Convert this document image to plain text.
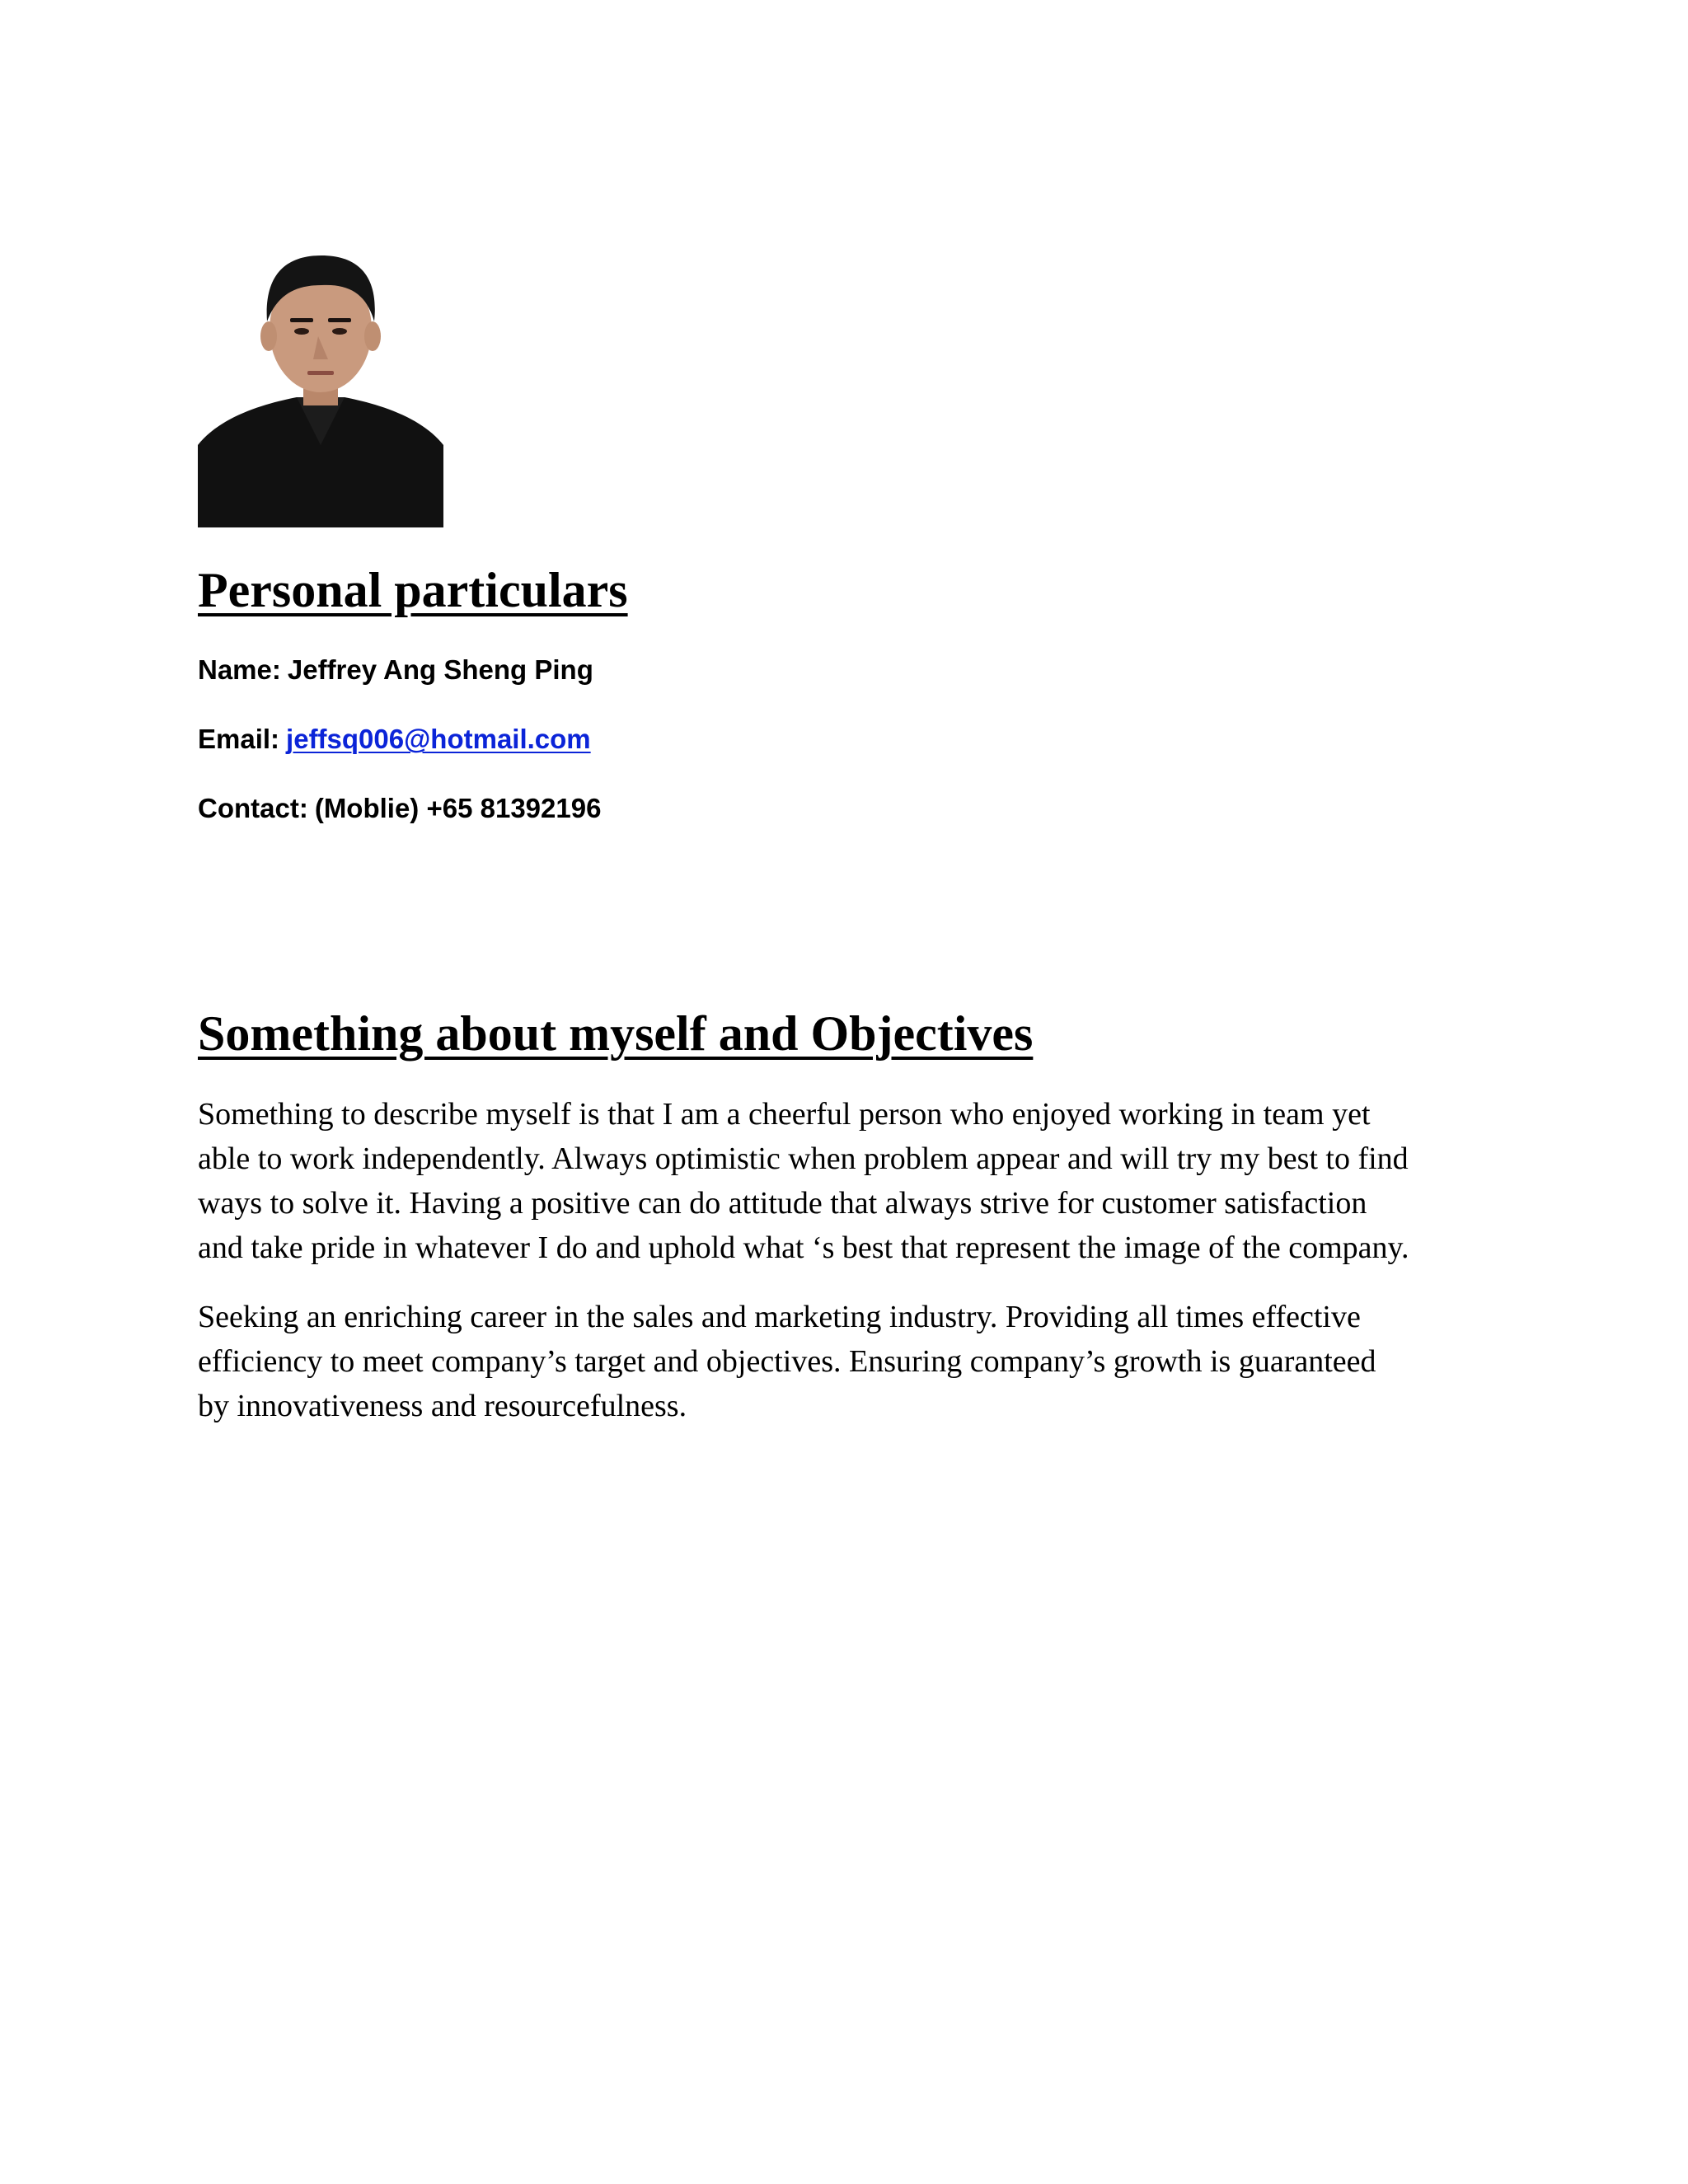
Personal particulars
Name: Jeffrey Ang Sheng Ping
Email: jeffsq006@hotmail.com
Contact: (Moblie) +65 81392196
Something about myself and Objectives

Something to describe myself is that I am a cheerful person who enjoyed working in team yet
able to work independently. Always optimistic when problem appear and will try my best to find
ways to solve it. Having a positive can do attitude that always strive for customer satisfaction
and take pride in whatever I do and uphold what ‘s best that represent the image of the company.

Seeking an enriching career in the sales and marketing industry. Providing all times effective
efficiency to meet company’s target and objectives. Ensuring company’s growth is guaranteed
by innovativeness and resourcefulness.
